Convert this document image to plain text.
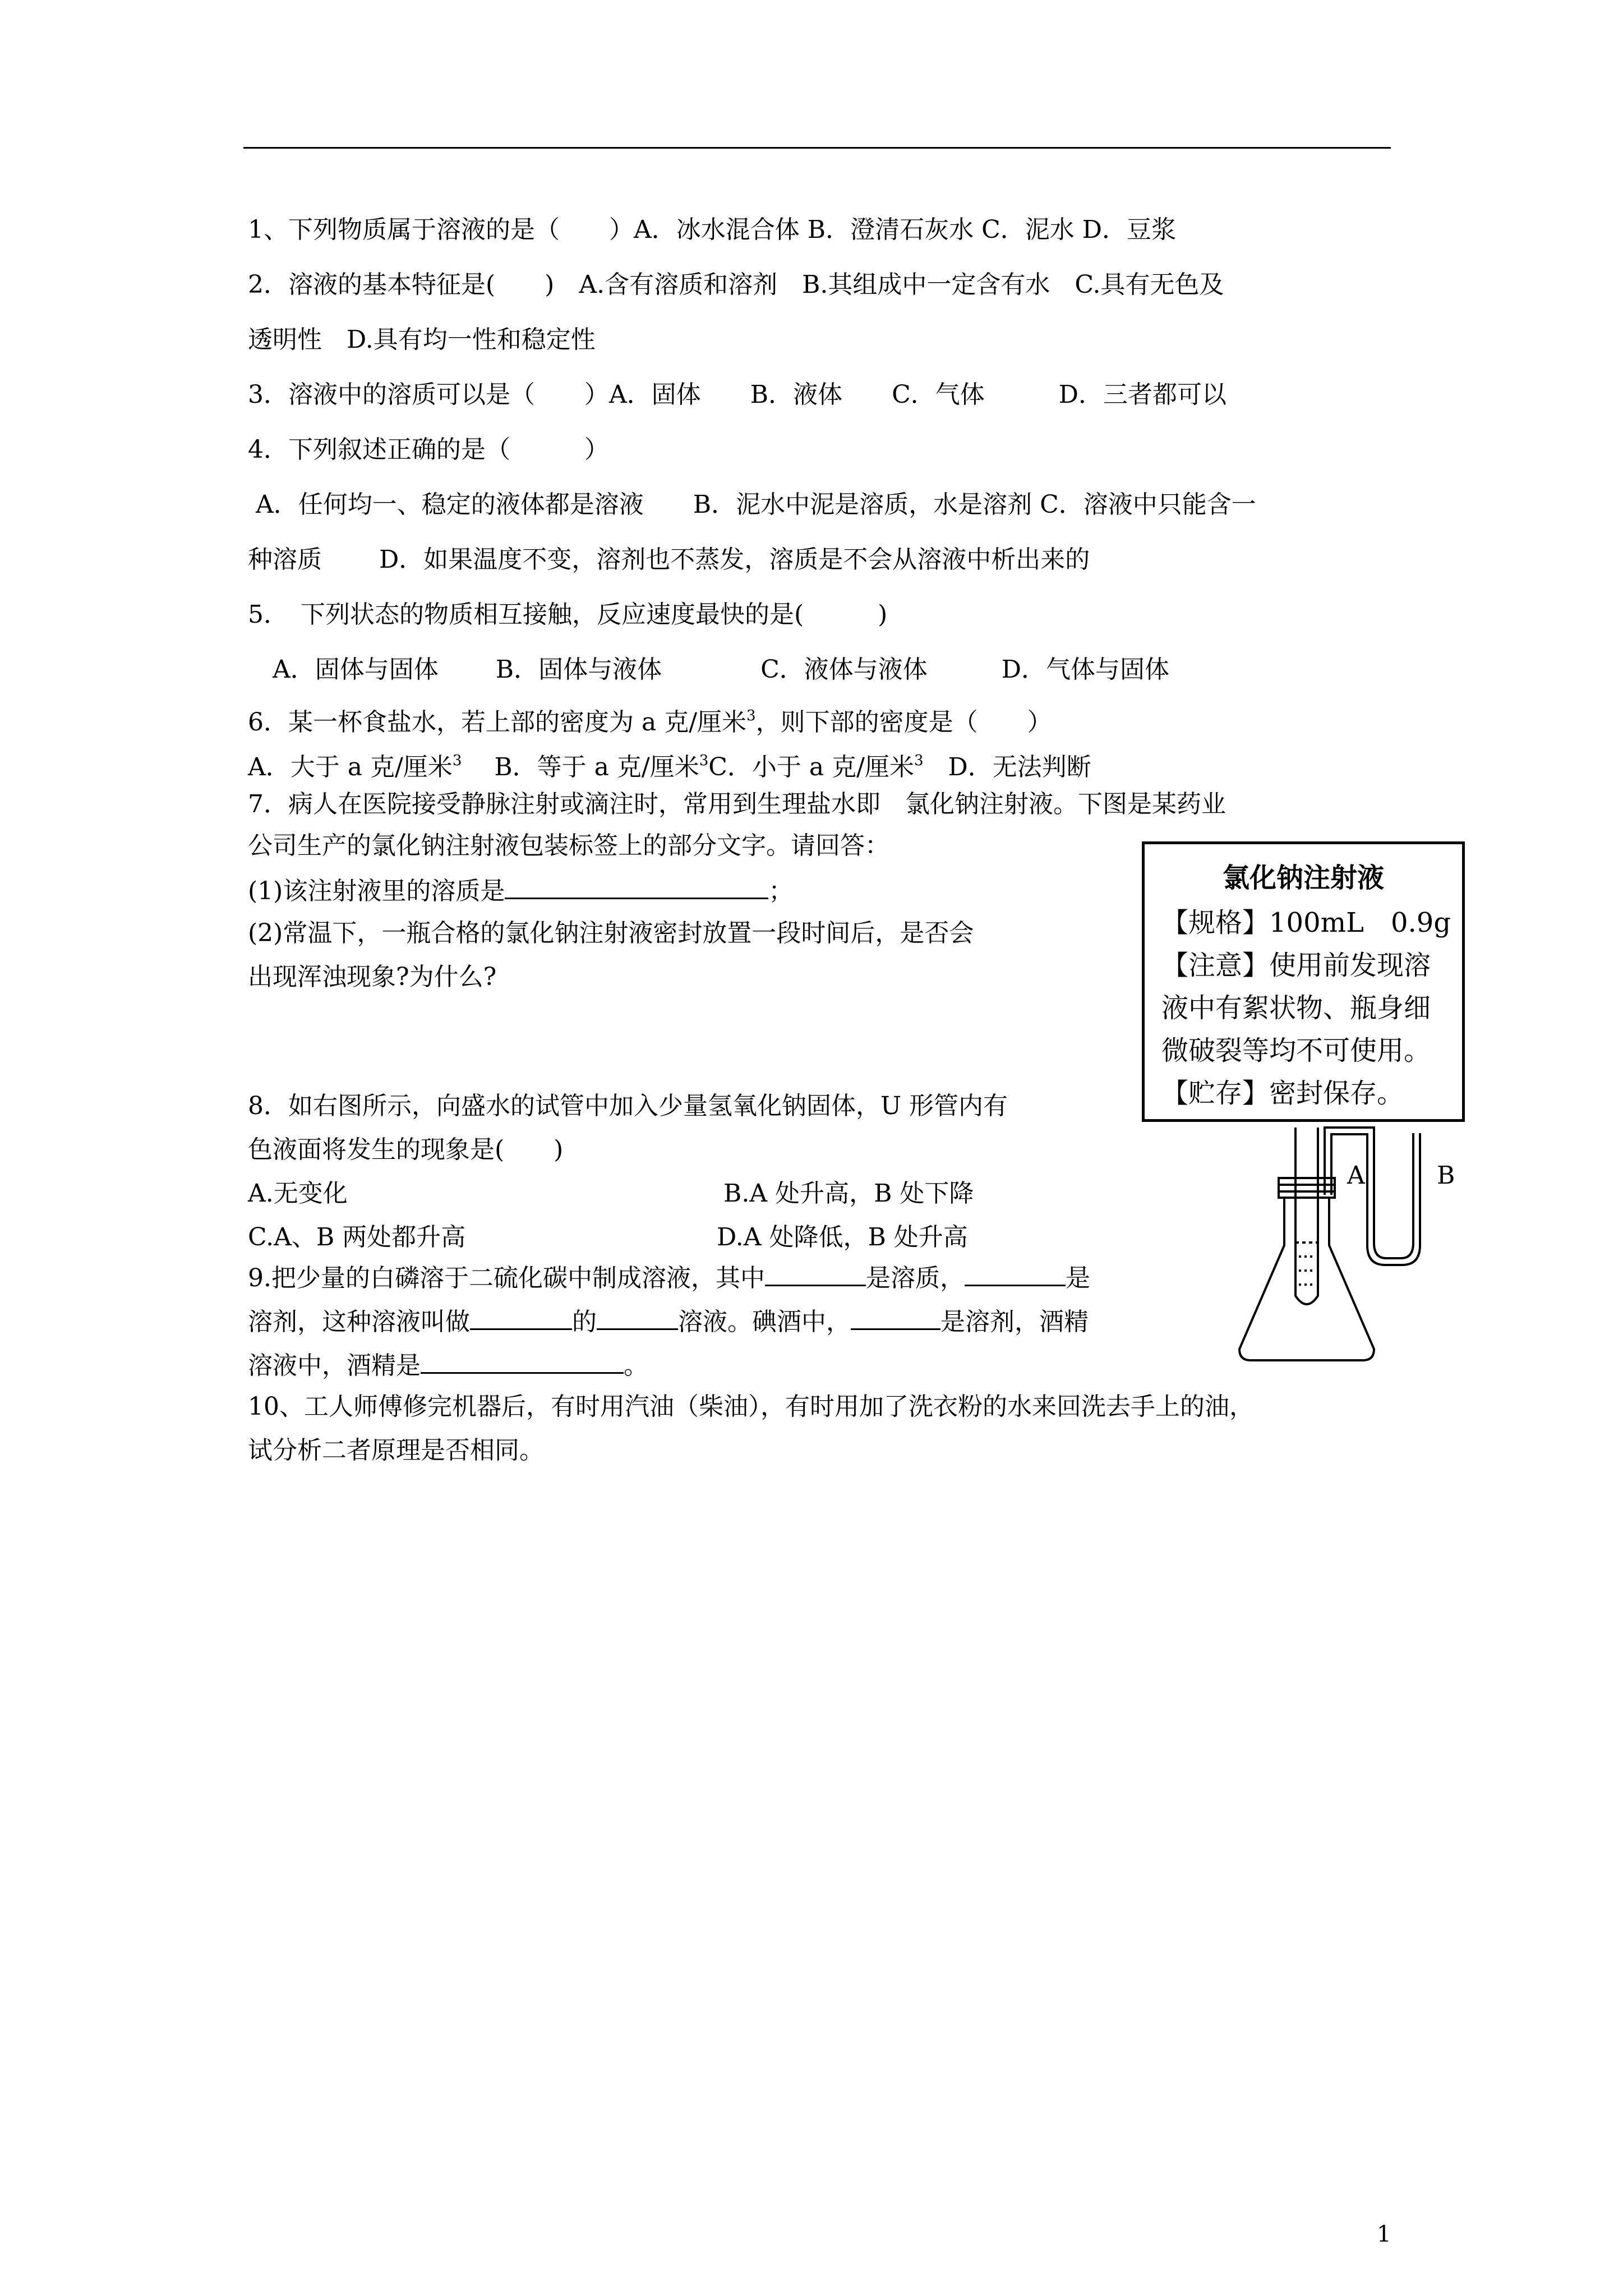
1、下列物质属于溶液的是（　　）A．冰水混合体 B．澄清石灰水 C．泥水 D．豆浆
2．溶液的基本特征是(　　)　A.含有溶质和溶剂　B.其组成中一定含有水　C.具有无色及
透明性　D.具有均一性和稳定性
3．溶液中的溶质可以是（　　）A．固体　　B．液体　　C．气体　　　D．三者都可以
4．下列叙述正确的是（　　　）
A．任何均一、稳定的液体都是溶液　　B．泥水中泥是溶质，水是溶剂 C．溶液中只能含一
种溶质　　 D．如果温度不变，溶剂也不蒸发，溶质是不会从溶液中析出来的
5．　下列状态的物质相互接触，反应速度最快的是(　　　)
　A．固体与固体　　 B．固体与液体　　　　C．液体与液体　　　D．气体与固体
6．某一杯食盐水，若上部的密度为 a 克/厘米$^3$，则下部的密度是（　　）
A．大于 a 克/厘米$^3$　 B．等于 a 克/厘米$^3$C．小于 a 克/厘米$^3$　D．无法判断
7．病人在医院接受静脉注射或滴注时，常用到生理盐水即　氯化钠注射液。下图是某药业
公司生产的氯化钠注射液包装标签上的部分文字。请回答：
(1)该注射液里的溶质是	；
(2)常温下，一瓶合格的氯化钠注射液密封放置一段时间后，是否会
出现浑浊现象?为什么?
8．如右图所示，向盛水的试管中加入少量氢氧化钠固体，U 形管内有
色液面将发生的现象是(　　)
A.无变化	B.A 处升高，B 处下降
C.A、B 两处都升高	D.A 处降低，B 处升高
9.把少量的白磷溶于二硫化碳中制成溶液，其中	是溶质，	是
溶剂，这种溶液叫做	的	溶液。碘酒中，	是溶剂，酒精
溶液中，酒精是	。
10、工人师傅修完机器后，有时用汽油（柴油），有时用加了洗衣粉的水来回洗去手上的油，
试分析二者原理是否相同。
氯化钠注射液
【规格】100mL　0.9g
【注意】使用前发现溶
液中有絮状物、瓶身细
微破裂等均不可使用。
【贮存】密封保存。
A	B
1
